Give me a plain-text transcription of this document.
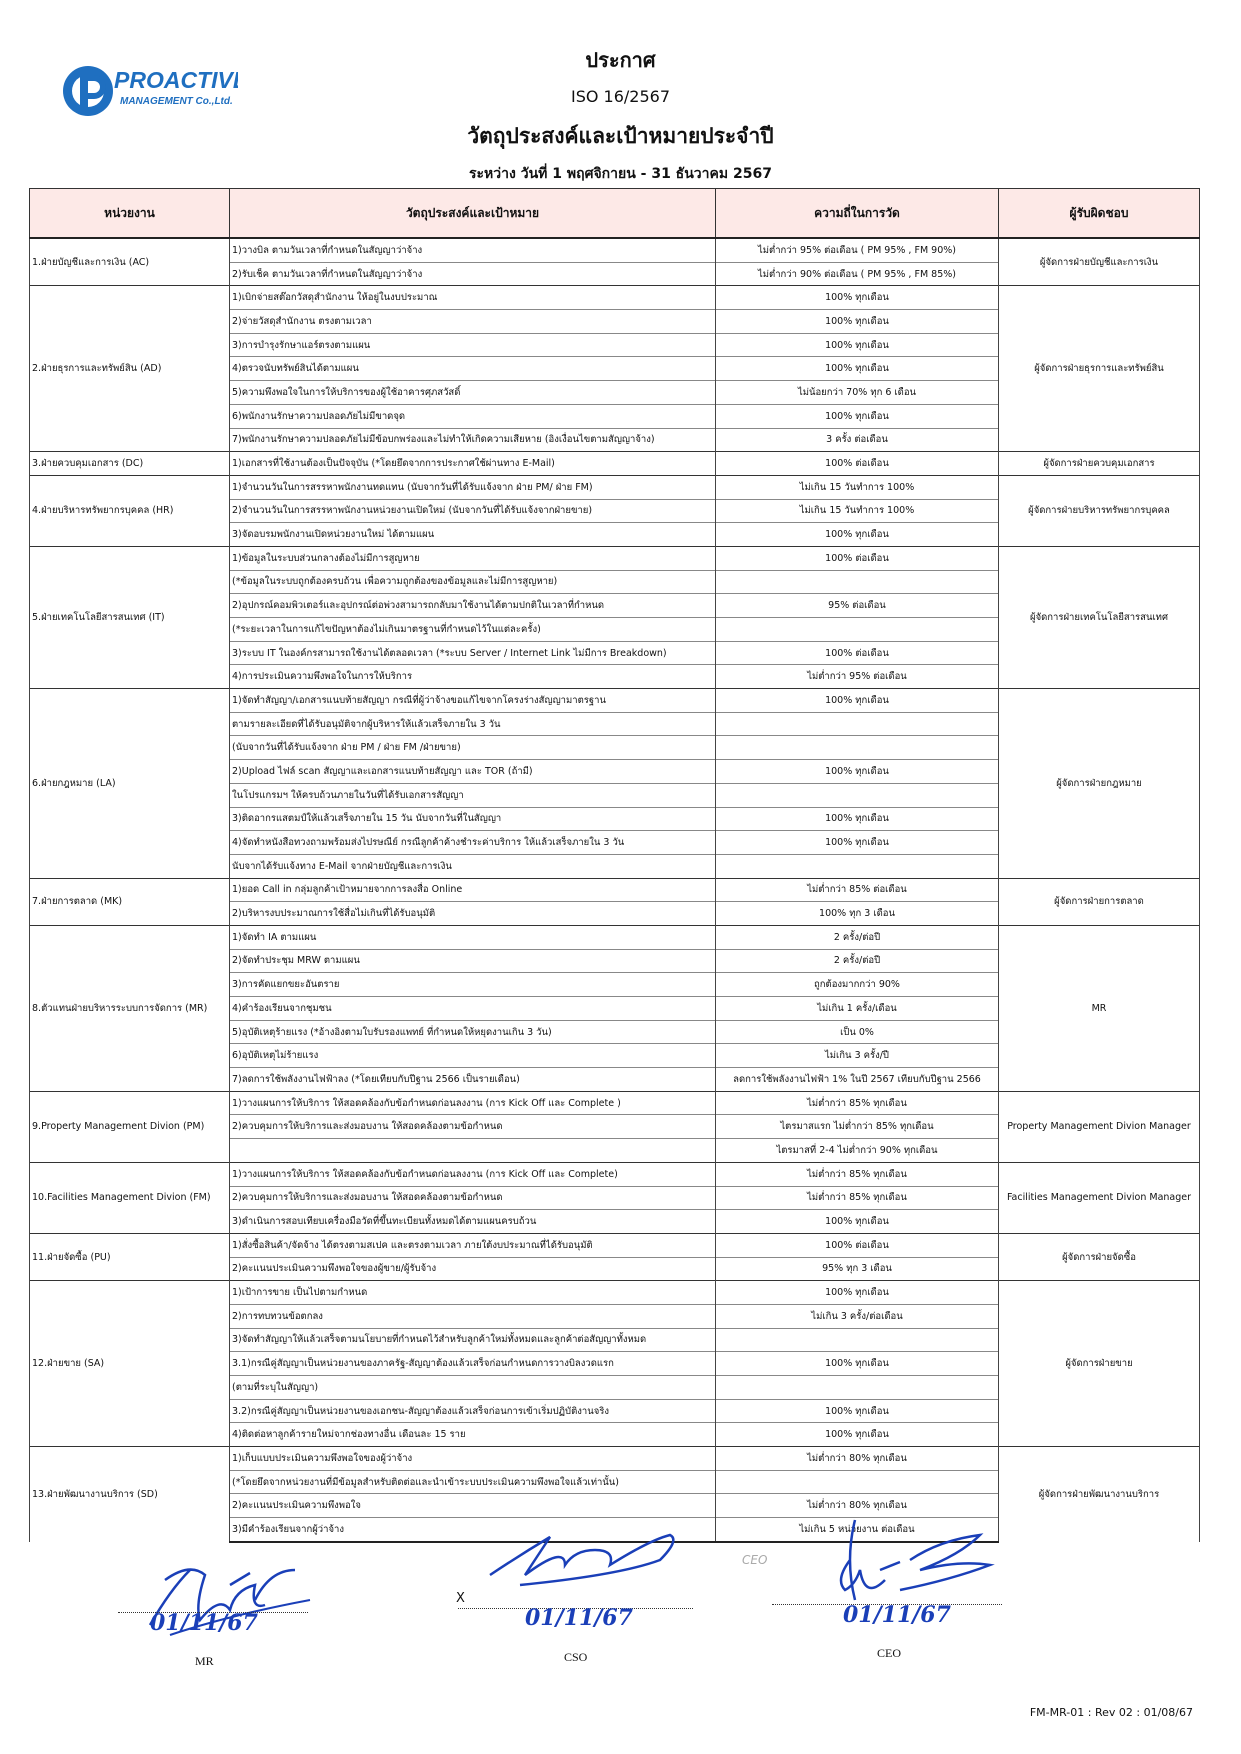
PROACTIVE
MANAGEMENT Co.,Ltd.
ประกาศ
ISO 16/2567
วัตถุประสงค์และเป้าหมายประจำปี
ระหว่าง วันที่ 1 พฤศจิกายน - 31 ธันวาคม 2567
หน่วยงาน	วัตถุประสงค์และเป้าหมาย	ความถี่ในการวัด	ผู้รับผิดชอบ
1.ฝ่ายบัญชีและการเงิน (AC)	1)วางบิล ตามวันเวลาที่กำหนดในสัญญาว่าจ้าง	ไม่ต่ำกว่า 95% ต่อเดือน ( PM 95% , FM 90%)	ผู้จัดการฝ่ายบัญชีและการเงิน
	2)รับเช็ค ตามวันเวลาที่กำหนดในสัญญาว่าจ้าง	ไม่ต่ำกว่า 90% ต่อเดือน ( PM 95% , FM 85%)	
2.ฝ่ายธุรการและทรัพย์สิน (AD)	1)เบิกจ่ายสต๊อกวัสดุสำนักงาน ให้อยู่ในงบประมาณ	100% ทุกเดือน	ผู้จัดการฝ่ายธุรการและทรัพย์สิน
	2)จ่ายวัสดุสำนักงาน ตรงตามเวลา	100% ทุกเดือน	
	3)การบำรุงรักษาแอร์ตรงตามแผน	100% ทุกเดือน	
	4)ตรวจนับทรัพย์สินได้ตามแผน	100% ทุกเดือน	
	5)ความพึงพอใจในการให้บริการของผู้ใช้อาคารศุภสวัสดิ์	ไม่น้อยกว่า 70% ทุก 6 เดือน	
	6)พนักงานรักษาความปลอดภัยไม่มีขาดจุด	100% ทุกเดือน	
	7)พนักงานรักษาความปลอดภัยไม่มีข้อบกพร่องและไม่ทำให้เกิดความเสียหาย (อิงเงื่อนไขตามสัญญาจ้าง)	3 ครั้ง ต่อเดือน	
3.ฝ่ายควบคุมเอกสาร (DC)	1)เอกสารที่ใช้งานต้องเป็นปัจจุบัน (*โดยยึดจากการประกาศใช้ผ่านทาง E-Mail)	100% ต่อเดือน	ผู้จัดการฝ่ายควบคุมเอกสาร
4.ฝ่ายบริหารทรัพยากรบุคคล (HR)	1)จำนวนวันในการสรรหาพนักงานทดแทน (นับจากวันที่ได้รับแจ้งจาก ฝ่าย PM/ ฝ่าย FM)	ไม่เกิน 15 วันทำการ 100%	ผู้จัดการฝ่ายบริหารทรัพยากรบุคคล
	2)จำนวนวันในการสรรหาพนักงานหน่วยงานเปิดใหม่ (นับจากวันที่ได้รับแจ้งจากฝ่ายขาย)	ไม่เกิน 15 วันทำการ 100%	
	3)จัดอบรมพนักงานเปิดหน่วยงานใหม่ ได้ตามแผน	100% ทุกเดือน	
5.ฝ่ายเทคโนโลยีสารสนเทศ (IT)	1)ข้อมูลในระบบส่วนกลางต้องไม่มีการสูญหาย	100% ต่อเดือน	ผู้จัดการฝ่ายเทคโนโลยีสารสนเทศ
	(*ข้อมูลในระบบถูกต้องครบถ้วน เพื่อความถูกต้องของข้อมูลและไม่มีการสูญหาย)		
	2)อุปกรณ์คอมพิวเตอร์และอุปกรณ์ต่อพ่วงสามารถกลับมาใช้งานได้ตามปกติในเวลาที่กำหนด	95% ต่อเดือน	
	(*ระยะเวลาในการแก้ไขปัญหาต้องไม่เกินมาตรฐานที่กำหนดไว้ในแต่ละครั้ง)		
	3)ระบบ IT ในองค์กรสามารถใช้งานได้ตลอดเวลา (*ระบบ Server / Internet Link ไม่มีการ Breakdown)	100% ต่อเดือน	
	4)การประเมินความพึงพอใจในการให้บริการ	ไม่ต่ำกว่า 95% ต่อเดือน	
6.ฝ่ายกฎหมาย (LA)	1)จัดทำสัญญา/เอกสารแนบท้ายสัญญา กรณีที่ผู้ว่าจ้างขอแก้ไขจากโครงร่างสัญญามาตรฐาน	100% ทุกเดือน	ผู้จัดการฝ่ายกฎหมาย
	ตามรายละเอียดที่ได้รับอนุมัติจากผู้บริหารให้แล้วเสร็จภายใน 3 วัน		
	(นับจากวันที่ได้รับแจ้งจาก ฝ่าย PM / ฝ่าย FM /ฝ่ายขาย)		
	2)Upload ไฟล์ scan สัญญาและเอกสารแนบท้ายสัญญา และ TOR (ถ้ามี)	100% ทุกเดือน	
	ในโปรแกรมฯ ให้ครบถ้วนภายในวันที่ได้รับเอกสารสัญญา		
	3)ติดอากรแสตมป์ให้แล้วเสร็จภายใน 15 วัน นับจากวันที่ในสัญญา	100% ทุกเดือน	
	4)จัดทำหนังสือทวงถามพร้อมส่งไปรษณีย์ กรณีลูกค้าค้างชำระค่าบริการ ให้แล้วเสร็จภายใน 3 วัน	100% ทุกเดือน	
	นับจากได้รับแจ้งทาง E-Mail จากฝ่ายบัญชีและการเงิน		
7.ฝ่ายการตลาด (MK)	1)ยอด Call in กลุ่มลูกค้าเป้าหมายจากการลงสื่อ Online	ไม่ต่ำกว่า 85% ต่อเดือน	ผู้จัดการฝ่ายการตลาด
	2)บริหารงบประมาณการใช้สื่อไม่เกินที่ได้รับอนุมัติ	100% ทุก 3 เดือน	
8.ตัวแทนฝ่ายบริหารระบบการจัดการ (MR)	1)จัดทำ IA ตามแผน	2 ครั้ง/ต่อปี	MR
	2)จัดทำประชุม MRW ตามแผน	2 ครั้ง/ต่อปี	
	3)การคัดแยกขยะอันตราย	ถูกต้องมากกว่า 90%	
	4)คำร้องเรียนจากชุมชน	ไม่เกิน 1 ครั้ง/เดือน	
	5)อุบัติเหตุร้ายแรง (*อ้างอิงตามใบรับรองแพทย์ ที่กำหนดให้หยุดงานเกิน 3 วัน)	เป็น 0%	
	6)อุบัติเหตุไม่ร้ายแรง	ไม่เกิน 3 ครั้ง/ปี	
	7)ลดการใช้พลังงานไฟฟ้าลง (*โดยเทียบกับปีฐาน 2566 เป็นรายเดือน)	ลดการใช้พลังงานไฟฟ้า 1% ในปี 2567 เทียบกับปีฐาน 2566	
9.Property Management Divion (PM)	1)วางแผนการให้บริการ ให้สอดคล้องกับข้อกำหนดก่อนลงงาน (การ Kick Off และ Complete )	ไม่ต่ำกว่า 85% ทุกเดือน	Property Management Divion Manager
	2)ควบคุมการให้บริการและส่งมอบงาน ให้สอดคล้องตามข้อกำหนด	ไตรมาสแรก ไม่ต่ำกว่า 85% ทุกเดือน	
		ไตรมาสที่ 2-4 ไม่ต่ำกว่า 90% ทุกเดือน	
10.Facilities Management Divion (FM)	1)วางแผนการให้บริการ ให้สอดคล้องกับข้อกำหนดก่อนลงงาน (การ Kick Off และ Complete)	ไม่ต่ำกว่า 85% ทุกเดือน	Facilities Management Divion Manager
	2)ควบคุมการให้บริการและส่งมอบงาน ให้สอดคล้องตามข้อกำหนด	ไม่ต่ำกว่า 85% ทุกเดือน	
	3)ดำเนินการสอบเทียบเครื่องมือวัดที่ขึ้นทะเบียนทั้งหมดได้ตามแผนครบถ้วน	100% ทุกเดือน	
11.ฝ่ายจัดซื้อ (PU)	1)สั่งซื้อสินค้า/จัดจ้าง ได้ตรงตามสเปค และตรงตามเวลา ภายใต้งบประมาณที่ได้รับอนุมัติ	100% ต่อเดือน	ผู้จัดการฝ่ายจัดซื้อ
	2)คะแนนประเมินความพึงพอใจของผู้ขาย/ผู้รับจ้าง	95% ทุก 3 เดือน	
12.ฝ่ายขาย (SA)	1)เป้าการขาย เป็นไปตามกำหนด	100% ทุกเดือน	ผู้จัดการฝ่ายขาย
	2)การทบทวนข้อตกลง	ไม่เกิน 3 ครั้ง/ต่อเดือน	
	3)จัดทำสัญญาให้แล้วเสร็จตามนโยบายที่กำหนดไว้สำหรับลูกค้าใหม่ทั้งหมดและลูกค้าต่อสัญญาทั้งหมด		
	3.1)กรณีคู่สัญญาเป็นหน่วยงานของภาครัฐ-สัญญาต้องแล้วเสร็จก่อนกำหนดการวางบิลงวดแรก	100% ทุกเดือน	
	(ตามที่ระบุในสัญญา)		
	3.2)กรณีคู่สัญญาเป็นหน่วยงานของเอกชน-สัญญาต้องแล้วเสร็จก่อนการเข้าเริ่มปฏิบัติงานจริง	100% ทุกเดือน	
	4)ติดต่อหาลูกค้ารายใหม่จากช่องทางอื่น เดือนละ 15 ราย	100% ทุกเดือน	
13.ฝ่ายพัฒนางานบริการ (SD)	1)เก็บแบบประเมินความพึงพอใจของผู้ว่าจ้าง	ไม่ต่ำกว่า 80% ทุกเดือน	ผู้จัดการฝ่ายพัฒนางานบริการ
	(*โดยยึดจากหน่วยงานที่มีข้อมูลสำหรับติดต่อและนำเข้าระบบประเมินความพึงพอใจแล้วเท่านั้น)		
	2)คะแนนประเมินความพึงพอใจ	ไม่ต่ำกว่า 80% ทุกเดือน	
	3)มีคำร้องเรียนจากผู้ว่าจ้าง	ไม่เกิน 5 หน่วยงาน ต่อเดือน	
01/11/67
MR
X
01/11/67
CSO
CEO
01/11/67
CEO
FM-MR-01 : Rev 02 : 01/08/67
